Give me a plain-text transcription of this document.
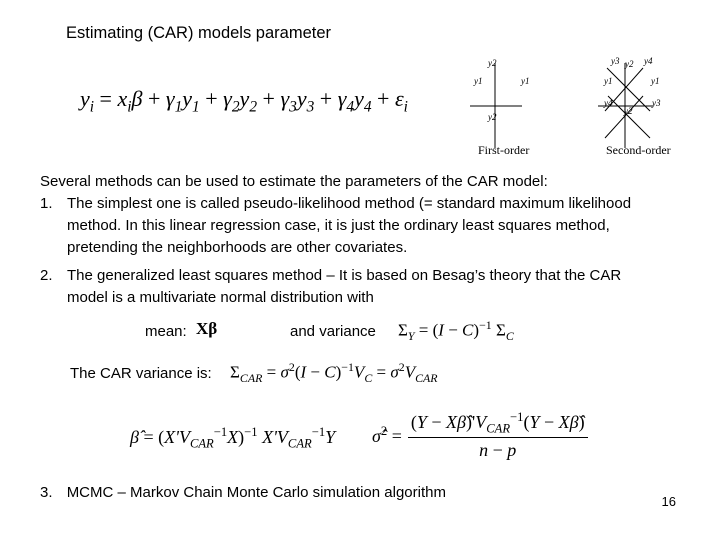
Estimating (CAR) models parameter
$y_i = x_i\beta + \gamma_1y_1 + \gamma_2y_2 + \gamma_3y_3 + \gamma_4y_4 + \varepsilon_i$
y2
y1	y1
y2
First-order
y3 y2 y4
y1	y1
y4
y2
y3
Second-order
Several methods can be used to estimate the parameters of the CAR model:
1. The simplest one is called pseudo-likelihood method (= standard maximum likelihood
method. In this linear regression case, it is just the ordinary least squares method,
pretending the neighborhoods are other covariates.
2. The generalized least squares method – It is based on Besag’s theory that the CAR
model is a multivariate normal distribution with
mean: Xβ	and variance $\Sigma_Y = (I - C)^{-1}$ $\Sigma_C$
The CAR variance is: $\Sigma_{CAR} = \sigma^2(I - C)^{-1}V_C = \sigma^2V_{CAR}$
β̂ = $(X'V_{CAR}^{-1}X)^{-1}$ $X'V_{CAR}^{-1}Y$ σ̂$^2$ =
$(Y - X\betâ)'V_{CAR}^{-1}(Y$ − Xβ̂)
n − p
3. MCMC – Markov Chain Monte Carlo simulation algorithm
16
